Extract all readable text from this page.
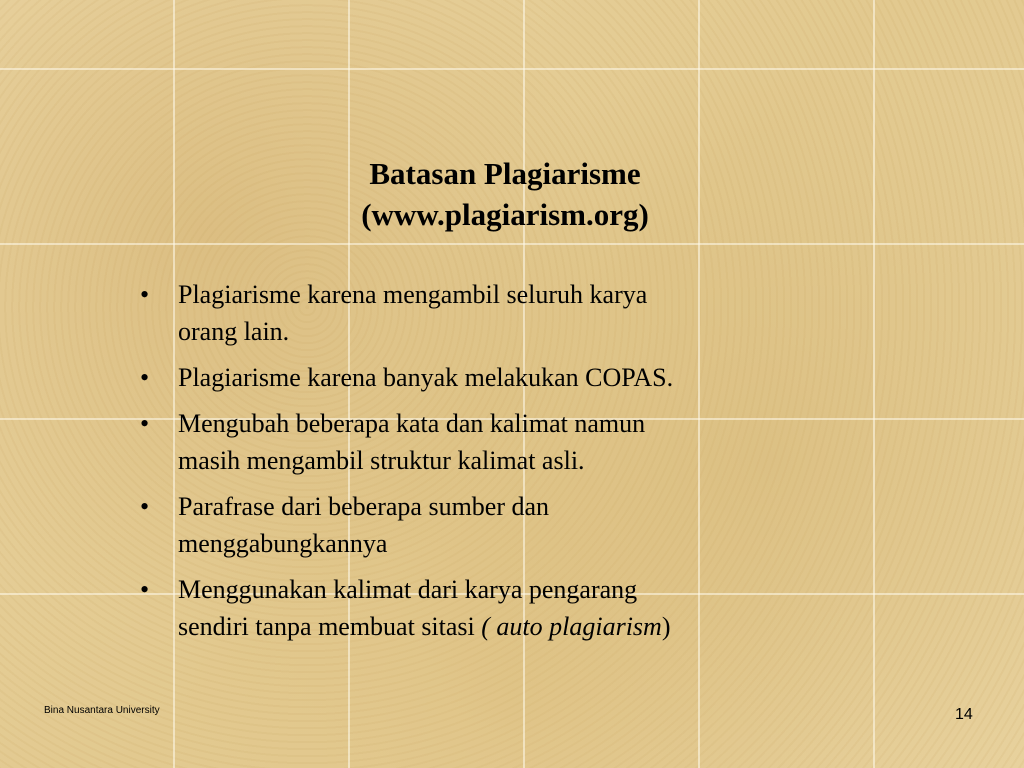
Batasan Plagiarisme
(www.plagiarism.org)
• Plagiarisme karena mengambil seluruh karya
orang lain.
• Plagiarisme karena banyak melakukan COPAS.
• Mengubah beberapa kata dan kalimat namun
masih mengambil struktur kalimat asli.
• Parafrase dari beberapa sumber dan
menggabungkannya
• Menggunakan kalimat dari karya pengarang
sendiri tanpa membuat sitasi ( auto plagiarism)
Bina Nusantara University	14
